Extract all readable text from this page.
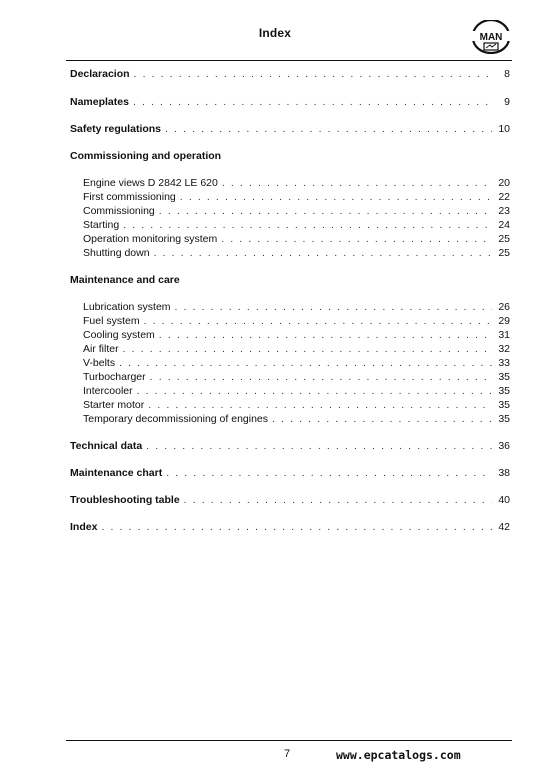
Index	MAN
Declaracion . . .	8
Nameplates . . .	9
Safety regulations . . .	10
Commissioning and operation
Engine views D 2842 LE 620 . . .	20
First commissioning . . .	22
Commissioning . . .	23
Starting . . .	24
Operation monitoring system . . .	25
Shutting down . . .	25
Maintenance and care
Lubrication system . . .	26
Fuel system . . .	29
Cooling system . . .	31
Air filter . . .	32
V-belts . . .	33
Turbocharger . . .	35
Intercooler . . .	35
Starter motor . . .	35
Temporary decommissioning of engines . . .	35
Technical data . . .	36
Maintenance chart . . .	38
Troubleshooting table . . .	40
Index . . .	42
7	www.epcatalogs.com
